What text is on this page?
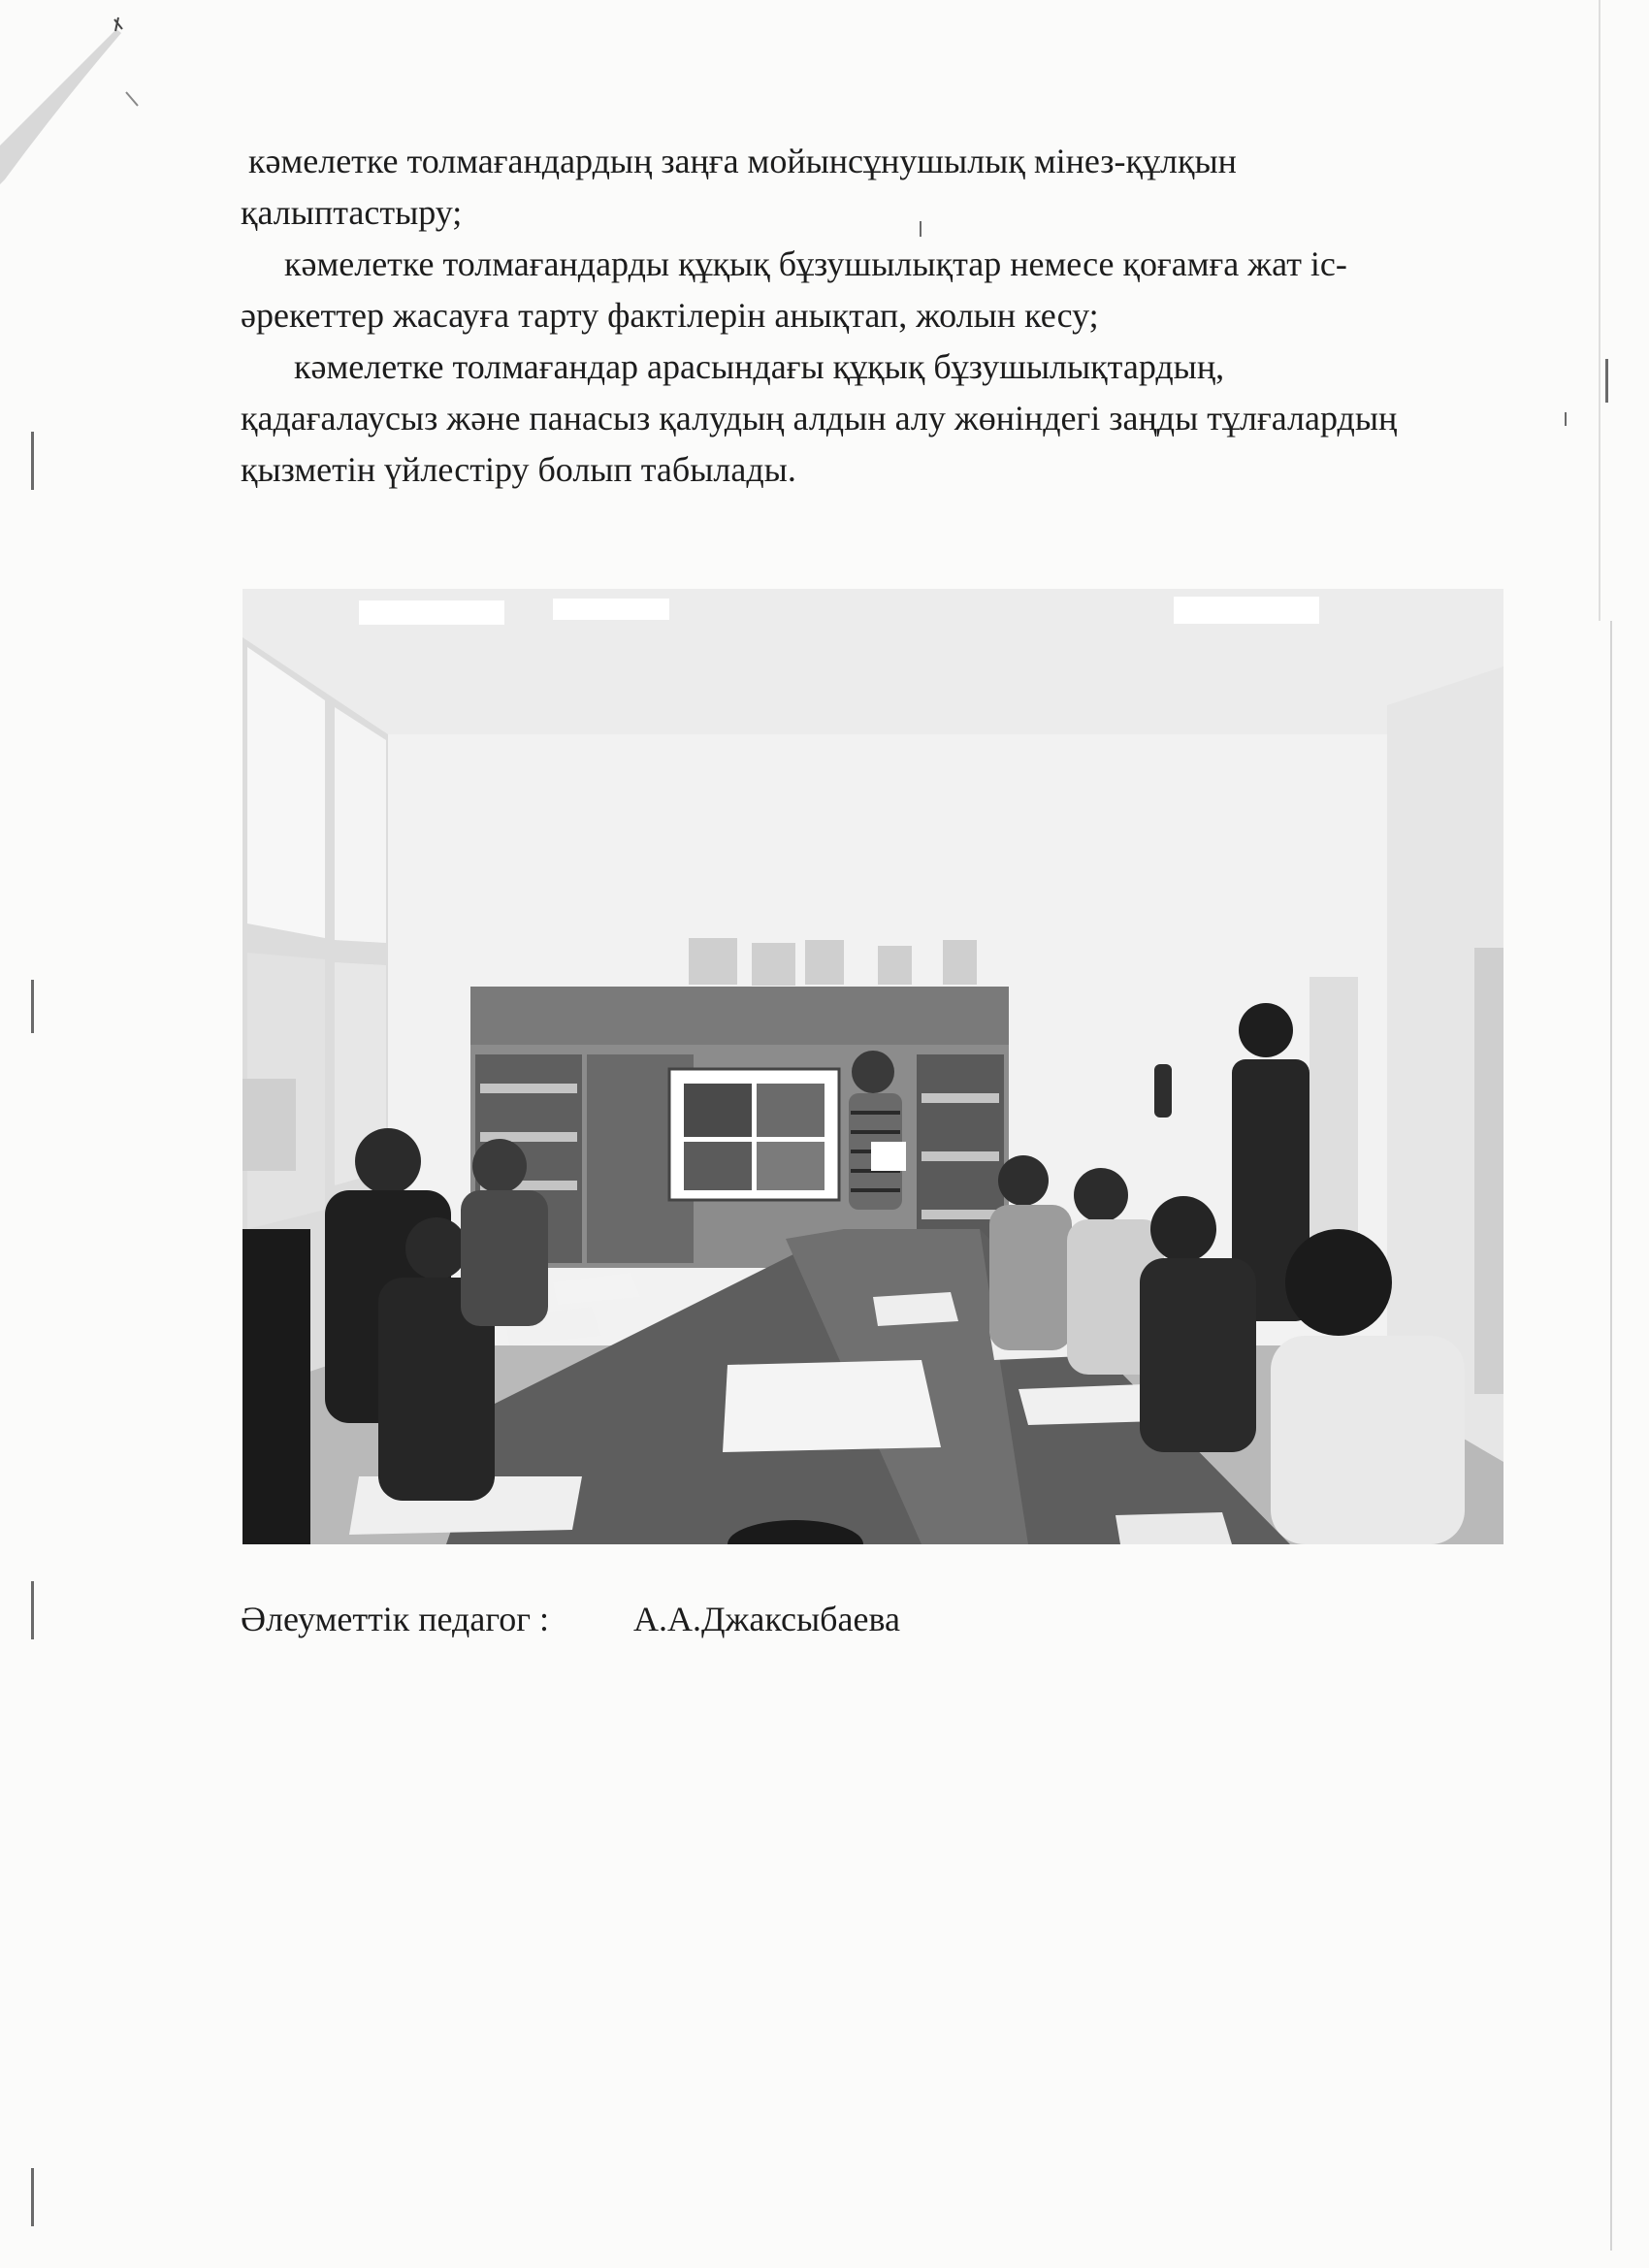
кәмелетке толмағандардың заңға мойынсұнушылық мінез-құлқын
қалыптастыру;

кәмелетке толмағандарды құқық бұзушылықтар немесе қоғамға жат іс-
әрекеттер жасауға тарту фактілерін анықтап, жолын кесу;

кәмелетке толмағандар арасындағы құқық бұзушылықтардың,
қадағалаусыз және панасыз қалудың алдын алу жөніндегі заңды тұлғалардың
қызметін үйлестіру болып табылады.

Әлеуметтік педагог : А.А.Джаксыбаева
